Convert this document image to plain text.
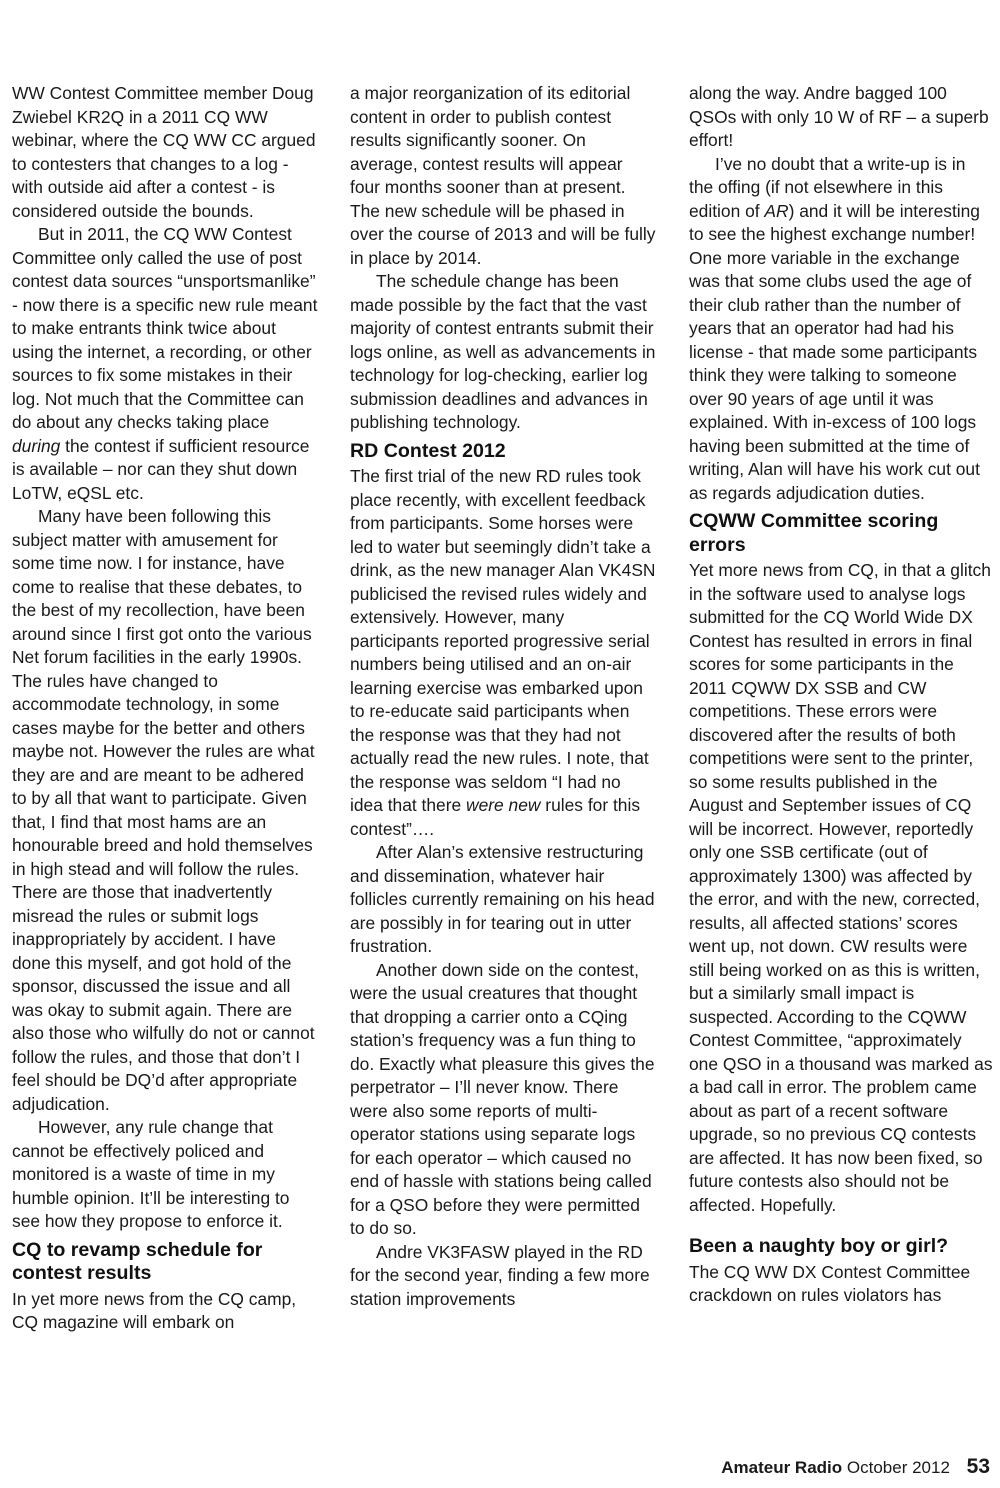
WW Contest Committee member Doug Zwiebel KR2Q in a 2011 CQ WW webinar, where the CQ WW CC argued to contesters that changes to a log - with outside aid after a contest - is considered outside the bounds.

But in 2011, the CQ WW Contest Committee only called the use of post contest data sources “unsportsmanlike” - now there is a specific new rule meant to make entrants think twice about using the internet, a recording, or other sources to fix some mistakes in their log. Not much that the Committee can do about any checks taking place during the contest if sufficient resource is available – nor can they shut down LoTW, eQSL etc.

Many have been following this subject matter with amusement for some time now. I for instance, have come to realise that these debates, to the best of my recollection, have been around since I first got onto the various Net forum facilities in the early 1990s. The rules have changed to accommodate technology, in some cases maybe for the better and others maybe not. However the rules are what they are and are meant to be adhered to by all that want to participate. Given that, I find that most hams are an honourable breed and hold themselves in high stead and will follow the rules. There are those that inadvertently misread the rules or submit logs inappropriately by accident. I have done this myself, and got hold of the sponsor, discussed the issue and all was okay to submit again. There are also those who wilfully do not or cannot follow the rules, and those that don’t I feel should be DQ’d after appropriate adjudication.

However, any rule change that cannot be effectively policed and monitored is a waste of time in my humble opinion. It’ll be interesting to see how they propose to enforce it.

CQ to revamp schedule for contest results

In yet more news from the CQ camp, CQ magazine will embark on

a major reorganization of its editorial content in order to publish contest results significantly sooner. On average, contest results will appear four months sooner than at present. The new schedule will be phased in over the course of 2013 and will be fully in place by 2014.

The schedule change has been made possible by the fact that the vast majority of contest entrants submit their logs online, as well as advancements in technology for log-checking, earlier log submission deadlines and advances in publishing technology.

RD Contest 2012

The first trial of the new RD rules took place recently, with excellent feedback from participants. Some horses were led to water but seemingly didn’t take a drink, as the new manager Alan VK4SN publicised the revised rules widely and extensively. However, many participants reported progressive serial numbers being utilised and an on-air learning exercise was embarked upon to re-educate said participants when the response was that they had not actually read the new rules. I note, that the response was seldom “I had no idea that there were new rules for this contest”….

After Alan’s extensive restructuring and dissemination, whatever hair follicles currently remaining on his head are possibly in for tearing out in utter frustration.

Another down side on the contest, were the usual creatures that thought that dropping a carrier onto a CQing station’s frequency was a fun thing to do. Exactly what pleasure this gives the perpetrator – I’ll never know. There were also some reports of multi-operator stations using separate logs for each operator – which caused no end of hassle with stations being called for a QSO before they were permitted to do so.

Andre VK3FASW played in the RD for the second year, finding a few more station improvements

along the way. Andre bagged 100 QSOs with only 10 W of RF – a superb effort!

I’ve no doubt that a write-up is in the offing (if not elsewhere in this edition of AR) and it will be interesting to see the highest exchange number! One more variable in the exchange was that some clubs used the age of their club rather than the number of years that an operator had had his license - that made some participants think they were talking to someone over 90 years of age until it was explained. With in-excess of 100 logs having been submitted at the time of writing, Alan will have his work cut out as regards adjudication duties.

CQWW Committee scoring errors

Yet more news from CQ, in that a glitch in the software used to analyse logs submitted for the CQ World Wide DX Contest has resulted in errors in final scores for some participants in the 2011 CQWW DX SSB and CW competitions. These errors were discovered after the results of both competitions were sent to the printer, so some results published in the August and September issues of CQ will be incorrect. However, reportedly only one SSB certificate (out of approximately 1300) was affected by the error, and with the new, corrected, results, all affected stations’ scores went up, not down. CW results were still being worked on as this is written, but a similarly small impact is suspected. According to the CQWW Contest Committee, “approximately one QSO in a thousand was marked as a bad call in error. The problem came about as part of a recent software upgrade, so no previous CQ contests are affected. It has now been fixed, so future contests also should not be affected. Hopefully.

Been a naughty boy or girl?

The CQ WW DX Contest Committee crackdown on rules violators has

Amateur Radio October 2012 53
